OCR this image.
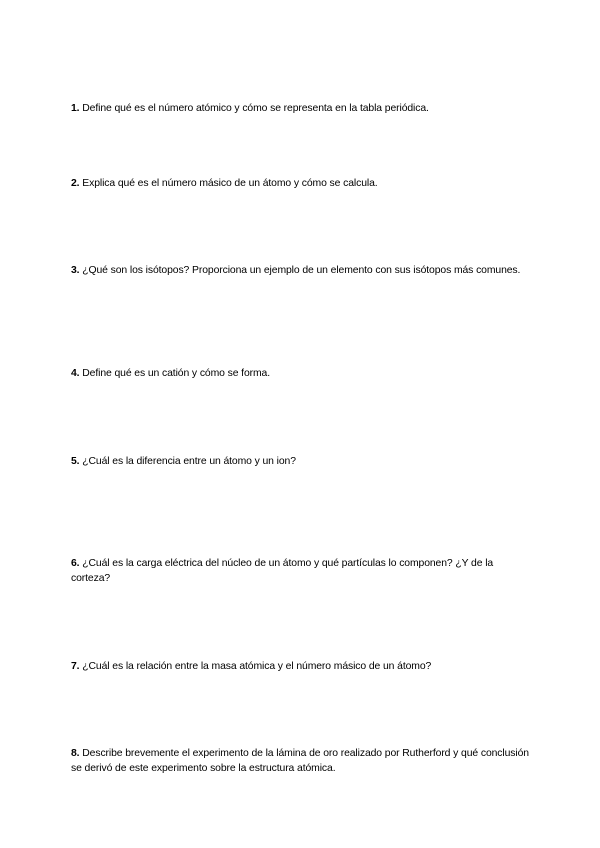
1. Define qué es el número atómico y cómo se representa en la tabla periódica.

2. Explica qué es el número másico de un átomo y cómo se calcula.

3. ¿Qué son los isótopos? Proporciona un ejemplo de un elemento con sus isótopos más comunes.

4. Define qué es un catión y cómo se forma.

5. ¿Cuál es la diferencia entre un átomo y un ion?

6. ¿Cuál es la carga eléctrica del núcleo de un átomo y qué partículas lo componen? ¿Y de la corteza?

7. ¿Cuál es la relación entre la masa atómica y el número másico de un átomo?

8. Describe brevemente el experimento de la lámina de oro realizado por Rutherford y qué conclusión se derivó de este experimento sobre la estructura atómica.
